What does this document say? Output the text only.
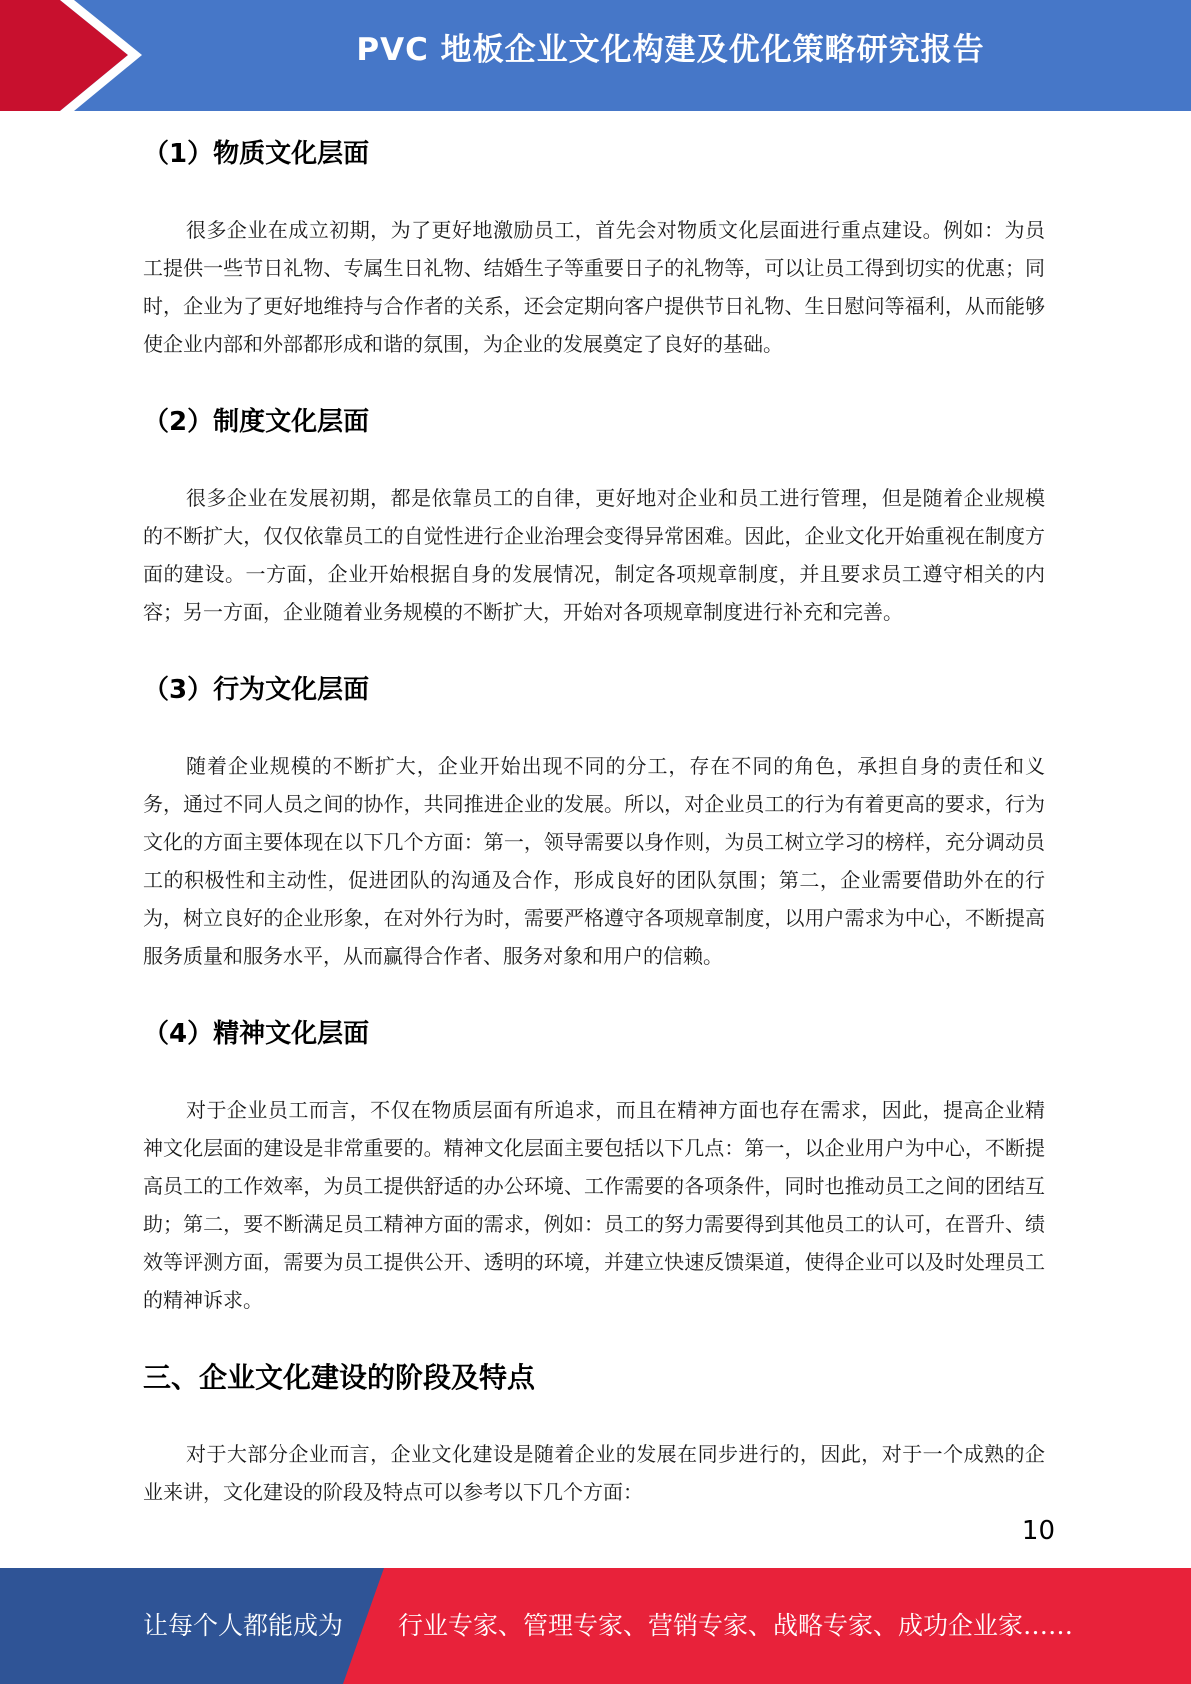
PVC 地板企业文化构建及优化策略研究报告
（1）物质文化层面

很多企业在成立初期，为了更好地激励员工，首先会对物质文化层面进行重点建设。例如：为员工提供一些节日礼物、专属生日礼物、结婚生子等重要日子的礼物等，可以让员工得到切实的优惠；同时，企业为了更好地维持与合作者的关系，还会定期向客户提供节日礼物、生日慰问等福利，从而能够使企业内部和外部都形成和谐的氛围，为企业的发展奠定了良好的基础。

（2）制度文化层面

很多企业在发展初期，都是依靠员工的自律，更好地对企业和员工进行管理，但是随着企业规模的不断扩大，仅仅依靠员工的自觉性进行企业治理会变得异常困难。因此，企业文化开始重视在制度方面的建设。一方面，企业开始根据自身的发展情况，制定各项规章制度，并且要求员工遵守相关的内容；另一方面，企业随着业务规模的不断扩大，开始对各项规章制度进行补充和完善。

（3）行为文化层面

随着企业规模的不断扩大，企业开始出现不同的分工，存在不同的角色，承担自身的责任和义务，通过不同人员之间的协作，共同推进企业的发展。所以，对企业员工的行为有着更高的要求，行为文化的方面主要体现在以下几个方面：第一，领导需要以身作则，为员工树立学习的榜样，充分调动员工的积极性和主动性，促进团队的沟通及合作，形成良好的团队氛围；第二，企业需要借助外在的行为，树立良好的企业形象，在对外行为时，需要严格遵守各项规章制度，以用户需求为中心，不断提高服务质量和服务水平，从而赢得合作者、服务对象和用户的信赖。

（4）精神文化层面

对于企业员工而言，不仅在物质层面有所追求，而且在精神方面也存在需求，因此，提高企业精神文化层面的建设是非常重要的。精神文化层面主要包括以下几点：第一，以企业用户为中心，不断提高员工的工作效率，为员工提供舒适的办公环境、工作需要的各项条件，同时也推动员工之间的团结互助；第二，要不断满足员工精神方面的需求，例如：员工的努力需要得到其他员工的认可，在晋升、绩效等评测方面，需要为员工提供公开、透明的环境，并建立快速反馈渠道，使得企业可以及时处理员工的精神诉求。

三、企业文化建设的阶段及特点

对于大部分企业而言，企业文化建设是随着企业的发展在同步进行的，因此，对于一个成熟的企业来讲，文化建设的阶段及特点可以参考以下几个方面：

10
让每个人都能成为 行业专家、管理专家、营销专家、战略专家、成功企业家……
